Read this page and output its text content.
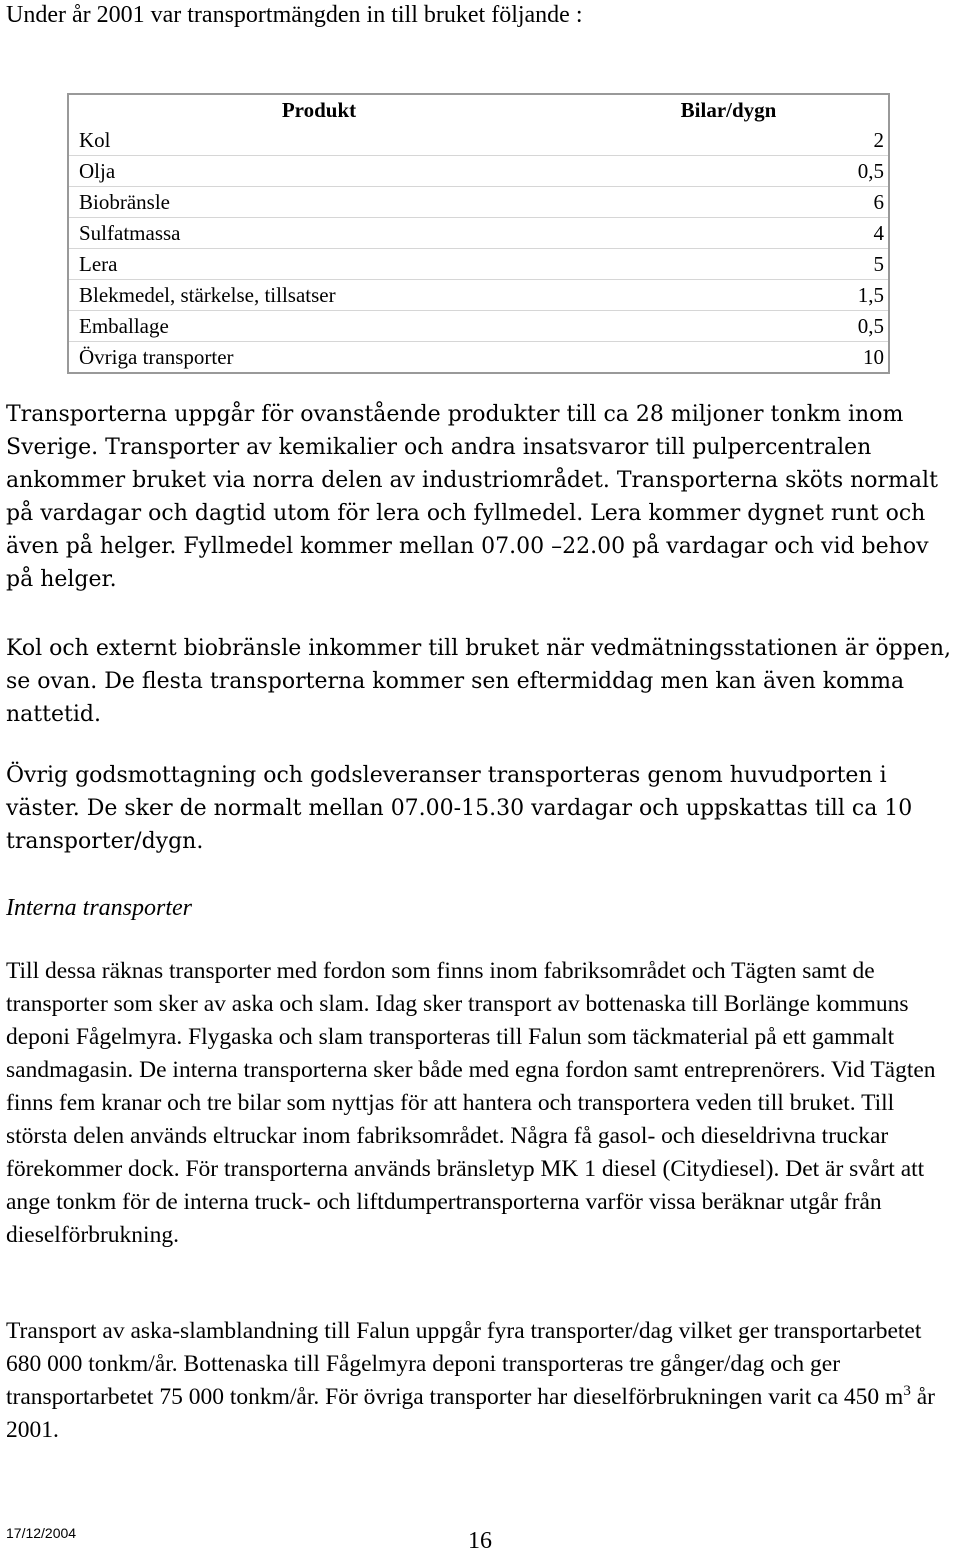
Under år 2001 var transportmängden in till bruket följande :
Produkt	Bilar/dygn
Kol	2
Olja	0,5
Biobränsle	6
Sulfatmassa	4
Lera	5
Blekmedel, stärkelse, tillsatser	1,5
Emballage	0,5
Övriga transporter	10
Transporterna uppgår för ovanstående produkter till ca 28 miljoner tonkm inom Sverige. Transporter av kemikalier och andra insatsvaror till pulpercentralen ankommer bruket via norra delen av industriområdet. Transporterna sköts normalt på vardagar och dagtid utom för lera och fyllmedel. Lera kommer dygnet runt och även på helger. Fyllmedel kommer mellan 07.00 –22.00 på vardagar och vid behov på helger.
Kol och externt biobränsle inkommer till bruket när vedmätningsstationen är öppen, se ovan. De flesta transporterna kommer sen eftermiddag men kan även komma nattetid.
Övrig godsmottagning och godsleveranser transporteras genom huvudporten i väster. De sker de normalt mellan 07.00-15.30 vardagar och uppskattas till ca 10 transporter/dygn.
Interna transporter
Till dessa räknas transporter med fordon som finns inom fabriksområdet och Tägten samt de transporter som sker av aska och slam. Idag sker transport av bottenaska till Borlänge kommuns deponi Fågelmyra. Flygaska och slam transporteras till Falun som täckmaterial på ett gammalt sandmagasin. De interna transporterna sker både med egna fordon samt entreprenörers. Vid Tägten finns fem kranar och tre bilar som nyttjas för att hantera och transportera veden till bruket. Till största delen används eltruckar inom fabriksområdet. Några få gasol- och dieseldrivna truckar förekommer dock. För transporterna används bränsletyp MK 1 diesel (Citydiesel). Det är svårt att ange tonkm för de interna truck- och liftdumpertransporterna varför vissa beräknar utgår från dieselförbrukning.
Transport av aska-slamblandning till Falun uppgår fyra transporter/dag vilket ger transportarbetet 680 000 tonkm/år. Bottenaska till Fågelmyra deponi transporteras tre gånger/dag och ger transportarbetet 75 000 tonkm/år. För övriga transporter har dieselförbrukningen varit ca 450 $m^3$ år 2001.
17/12/2004	16
